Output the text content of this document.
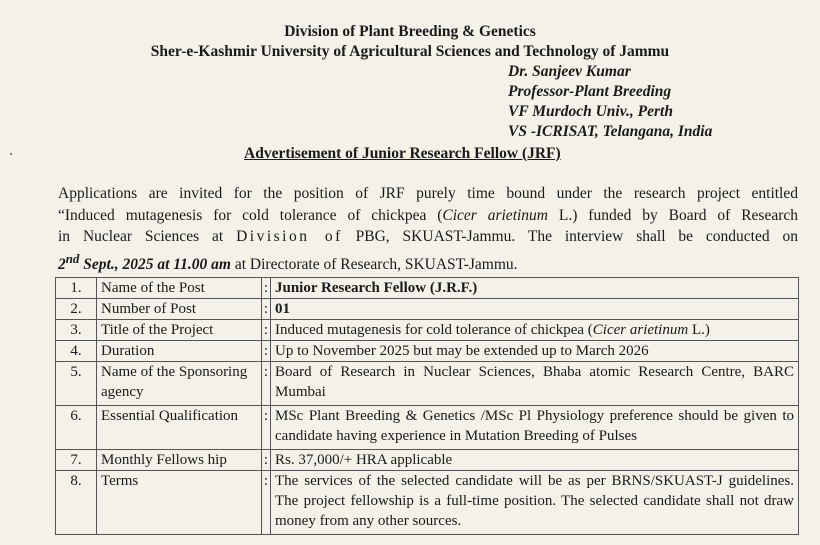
Division of Plant Breeding & Genetics
Sher-e-Kashmir University of Agricultural Sciences and Technology of Jammu
Dr. Sanjeev Kumar
Professor-Plant Breeding
VF Murdoch Univ., Perth
VS -ICRISAT, Telangana, India
Advertisement of Junior Research Fellow (JRF)
Applications are invited for the position of JRF purely time bound under the research project entitled
“Induced mutagenesis for cold tolerance of chickpea (Cicer arietinum L.) funded by Board of Research
in Nuclear Sciences at Division of PBG, SKUAST-Jammu. The interview shall be conducted on
2nd Sept., 2025 at 11.00 am at Directorate of Research, SKUAST-Jammu.
1.	Name of the Post	:	Junior Research Fellow (J.R.F.)
2.	Number of Post	:	01
3.	Title of the Project	:	Induced mutagenesis for cold tolerance of chickpea (Cicer arietinum L.)
4.	Duration	:	Up to November 2025 but may be extended up to March 2026
5.	Name of the Sponsoring agency	:	Board of Research in Nuclear Sciences, Bhaba atomic Research Centre, BARC Mumbai
6.	Essential Qualification	:	MSc Plant Breeding & Genetics /MSc Pl Physiology preference should be given to candidate having experience in Mutation Breeding of Pulses
7.	Monthly Fellows hip	:	Rs. 37,000/+ HRA applicable
8.	Terms	:	The services of the selected candidate will be as per BRNS/SKUAST-J guidelines. The project fellowship is a full-time position. The selected candidate shall not draw money from any other sources.
